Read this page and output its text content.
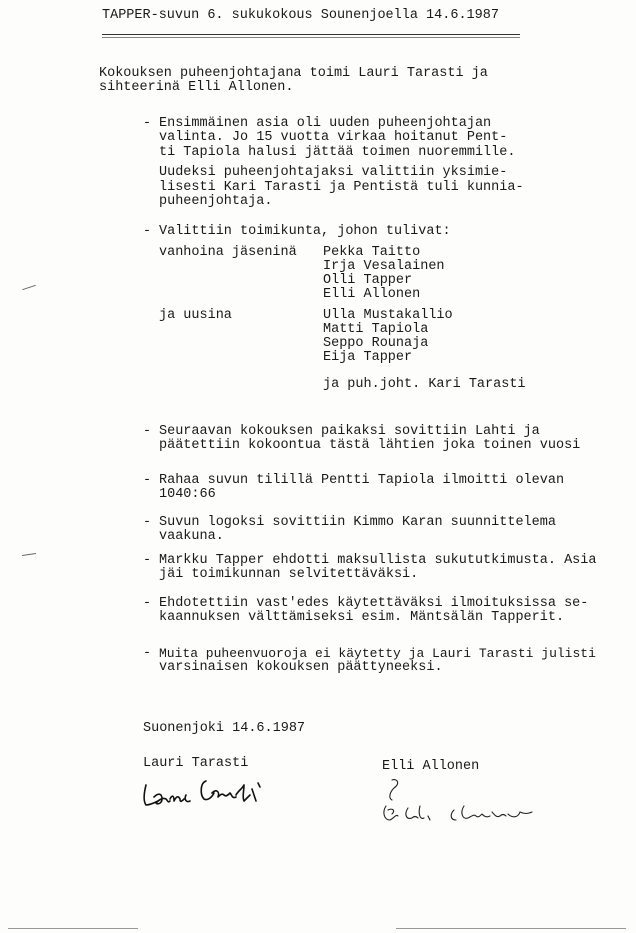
TAPPER-suvun 6. sukukokous Sounenjoella 14.6.1987
Kokouksen puheenjohtajana toimi Lauri Tarasti ja
sihteerinä Elli Allonen.
- Ensimmäinen asia oli uuden puheenjohtajan
valinta. Jo 15 vuotta virkaa hoitanut Pent-
ti Tapiola halusi jättää toimen nuoremmille.
Uudeksi puheenjohtajaksi valittiin yksimie-
lisesti Kari Tarasti ja Pentistä tuli kunnia-
puheenjohtaja.
- Valittiin toimikunta, johon tulivat:
vanhoina jäseninä Pekka Taitto
Irja Vesalainen
Olli Tapper
Elli Allonen
ja uusina	Ulla Mustakallio
Matti Tapiola
Seppo Rounaja
Eija Tapper
ja puh.joht. Kari Tarasti
- Seuraavan kokouksen paikaksi sovittiin Lahti ja
päätettiin kokoontua tästä lähtien joka toinen vuosi
- Rahaa suvun tilillä Pentti Tapiola ilmoitti olevan
1040:66
- Suvun logoksi sovittiin Kimmo Karan suunnittelema
vaakuna.
- Markku Tapper ehdotti maksullista sukututkimusta. Asia
jäi toimikunnan selvitettäväksi.
- Ehdotettiin vast'edes käytettäväksi ilmoituksissa se-
kaannuksen välttämiseksi esim. Mäntsälän Tapperit.
- Muita puheenvuoroja ei käytetty ja Lauri Tarasti julisti
varsinaisen kokouksen päättyneeksi.
Suonenjoki 14.6.1987
Lauri Tarasti	Elli Allonen
